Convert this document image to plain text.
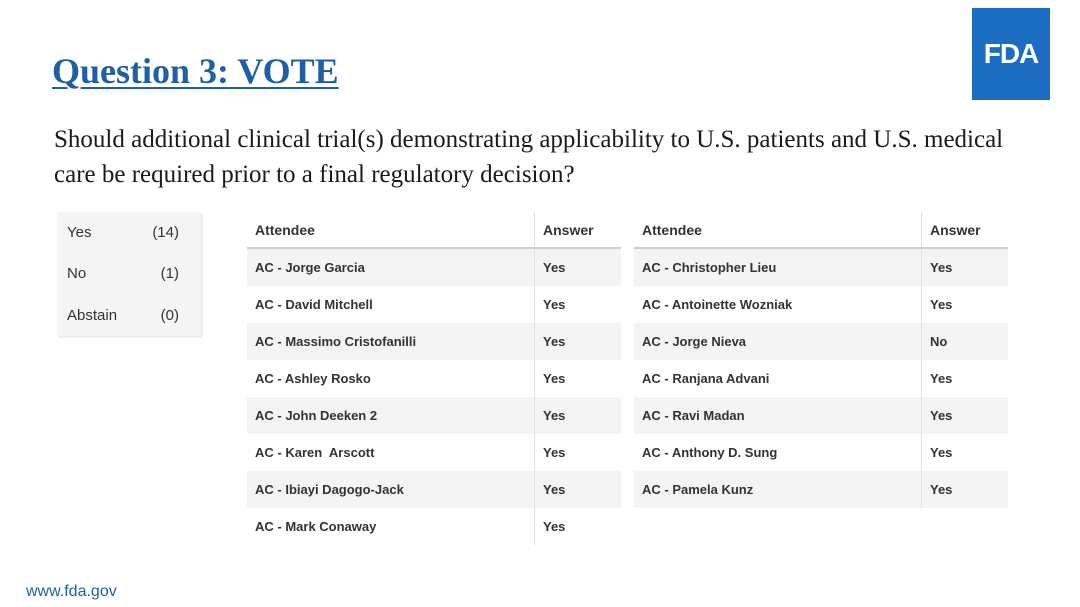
Question 3: VOTE	FDA
Should additional clinical trial(s) demonstrating applicability to U.S. patients and U.S. medical care be required prior to a final regulatory decision?
Yes	(14)
No	(1)
Abstain	(0)
Attendee	Answer
AC - Jorge Garcia	Yes
AC - David Mitchell	Yes
AC - Massimo Cristofanilli	Yes
AC - Ashley Rosko	Yes
AC - John Deeken 2	Yes
AC - Karen  Arscott	Yes
AC - Ibiayi Dagogo-Jack	Yes
AC - Mark Conaway	Yes
Attendee	Answer
AC - Christopher Lieu	Yes
AC - Antoinette Wozniak	Yes
AC - Jorge Nieva	No
AC - Ranjana Advani	Yes
AC - Ravi Madan	Yes
AC - Anthony D. Sung	Yes
AC - Pamela Kunz	Yes
www.fda.gov
